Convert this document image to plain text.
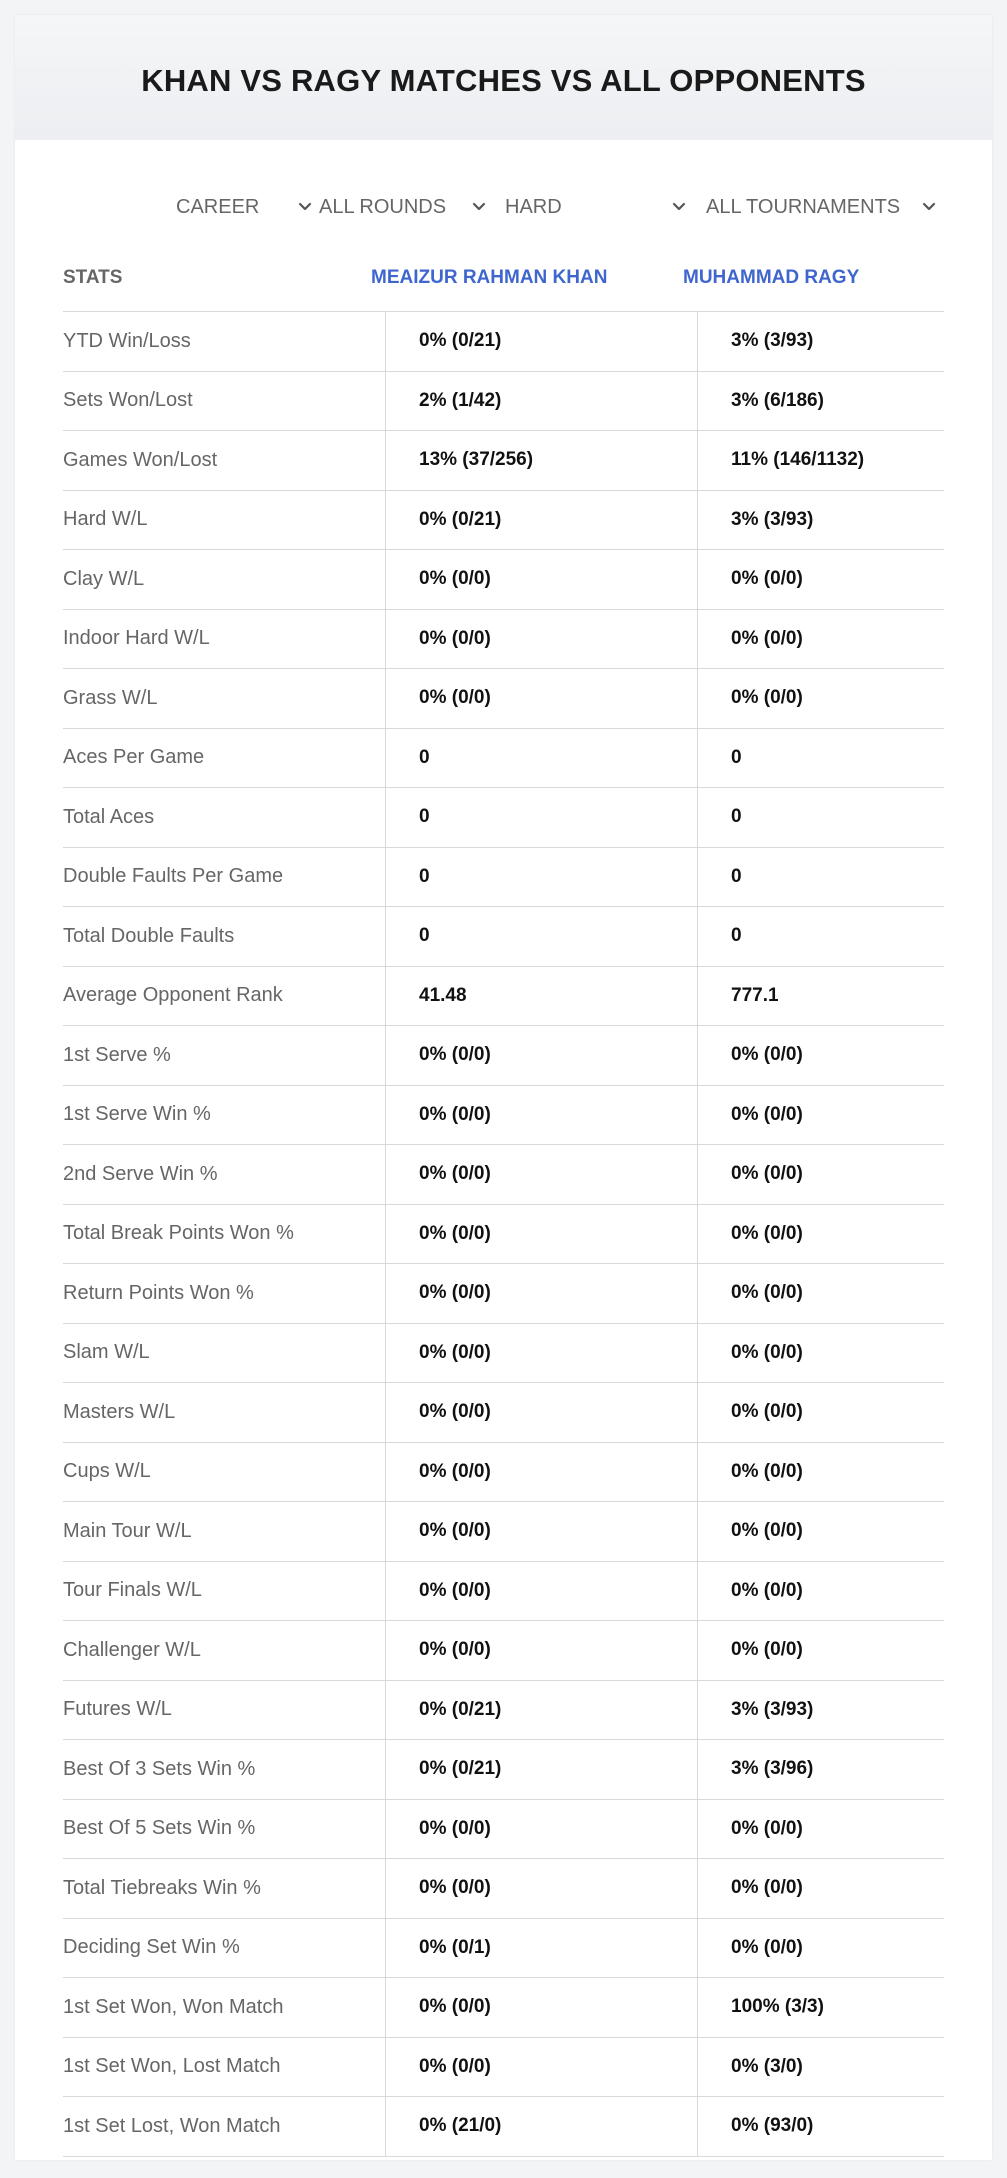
KHAN VS RAGY MATCHES VS ALL OPPONENTS
CAREER	ALL ROUNDS	HARD	ALL TOURNAMENTS
STATS	MEAIZUR RAHMAN KHAN	MUHAMMAD RAGY
YTD Win/Loss	0% (0/21)	3% (3/93)
Sets Won/Lost	2% (1/42)	3% (6/186)
Games Won/Lost	13% (37/256)	11% (146/1132)
Hard W/L	0% (0/21)	3% (3/93)
Clay W/L	0% (0/0)	0% (0/0)
Indoor Hard W/L	0% (0/0)	0% (0/0)
Grass W/L	0% (0/0)	0% (0/0)
Aces Per Game	0	0
Total Aces	0	0
Double Faults Per Game	0	0
Total Double Faults	0	0
Average Opponent Rank	41.48	777.1
1st Serve %	0% (0/0)	0% (0/0)
1st Serve Win %	0% (0/0)	0% (0/0)
2nd Serve Win %	0% (0/0)	0% (0/0)
Total Break Points Won %	0% (0/0)	0% (0/0)
Return Points Won %	0% (0/0)	0% (0/0)
Slam W/L	0% (0/0)	0% (0/0)
Masters W/L	0% (0/0)	0% (0/0)
Cups W/L	0% (0/0)	0% (0/0)
Main Tour W/L	0% (0/0)	0% (0/0)
Tour Finals W/L	0% (0/0)	0% (0/0)
Challenger W/L	0% (0/0)	0% (0/0)
Futures W/L	0% (0/21)	3% (3/93)
Best Of 3 Sets Win %	0% (0/21)	3% (3/96)
Best Of 5 Sets Win %	0% (0/0)	0% (0/0)
Total Tiebreaks Win %	0% (0/0)	0% (0/0)
Deciding Set Win %	0% (0/1)	0% (0/0)
1st Set Won, Won Match	0% (0/0)	100% (3/3)
1st Set Won, Lost Match	0% (0/0)	0% (3/0)
1st Set Lost, Won Match	0% (21/0)	0% (93/0)
